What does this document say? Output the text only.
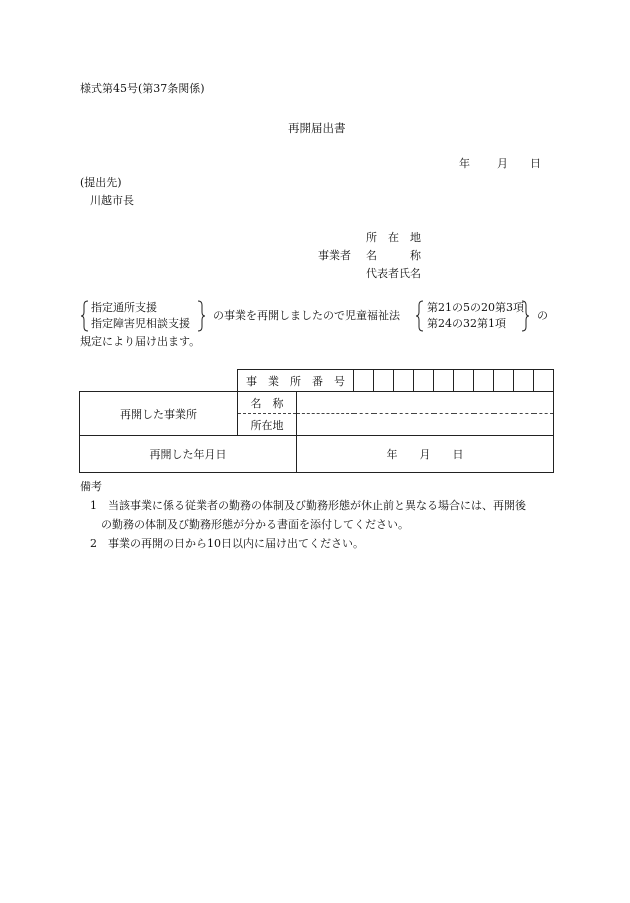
様式第45号(第37条関係)
再開届出書
年 月 日
(提出先)
川越市長
所　在　地
事業者 名　　　称
代表者氏名
指定通所支援
指定障害児相談支援
の事業を再開しましたので児童福祉法
第21の5の20第3項
第24の32第1項
の
規定により届け出ます。
	事　業　所　番　号											
再開した事業所	名　称											
	所在地											
再開した年月日		年　　月　　日										

備考

1　当該事業に係る従業者の勤務の体制及び勤務形態が休止前と異なる場合には、再開後

　の勤務の体制及び勤務形態が分かる書面を添付してください。

2　事業の再開の日から10日以内に届け出てください。
